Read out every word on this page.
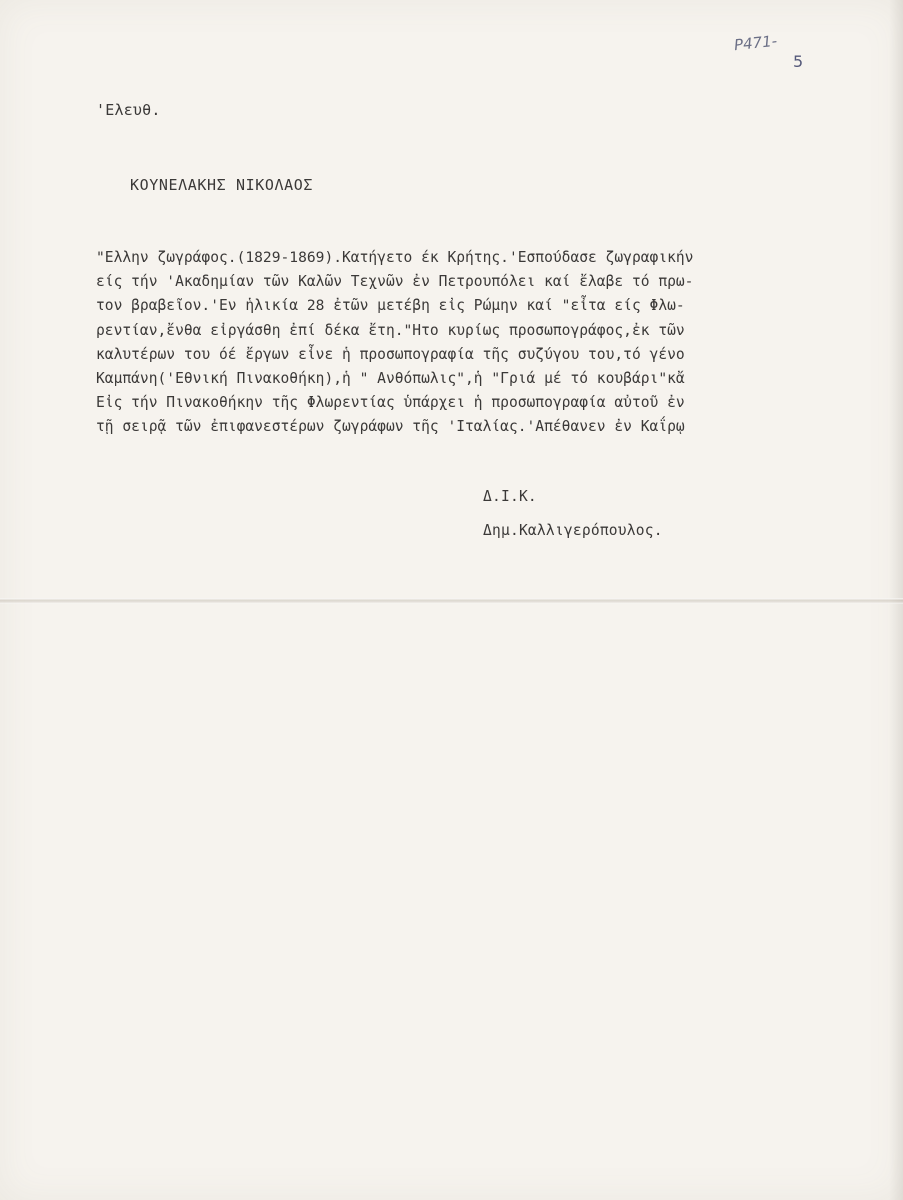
Ρ471-
5
'Ελευθ.
ΚΟΥΝΕΛΑΚΗΣ ΝΙΚΟΛΑΟΣ
"Ελλην ζωγράφος.(1829-1869).Κατήγετο έκ Κρήτης.'Εσπούδασε ζωγραφικήν
είς τήν 'Ακαδημίαν τῶν Καλῶν Τεχνῶν ἐν Πετρουπόλει καί ἔλαβε τό πρω-
τον βραβεῖον.'Εν ἡλικία 28 ἐτῶν μετέβη εἰς Ρώμην καί "εἶτα είς Φλω-
ρεντίαν,ἔνθα εἰργάσθη ἐπί δέκα ἔτη."Ητο κυρίως προσωπογράφος,ἐκ τῶν
καλυτέρων του όέ ἔργων εἶνε ἡ προσωπογραφία τῆς συζύγου του,τό γένο
Καμπάνη('Εθνική Πινακοθήκη),ἡ " Ανθόπωλις",ἡ "Γριά μέ τό κουβάρι"κἄ
Εἰς τήν Πινακοθήκην τῆς Φλωρεντίας ὑπάρχει ἡ προσωπογραφία αὐτοῦ ἐν
τῇ σειρᾷ τῶν ἐπιφανεστέρων ζωγράφων τῆς 'Ιταλίας.'Απέθανεν ἐν Καΐρῳ
Δ.Ι.Κ.
Δημ.Καλλιγερόπουλος.
